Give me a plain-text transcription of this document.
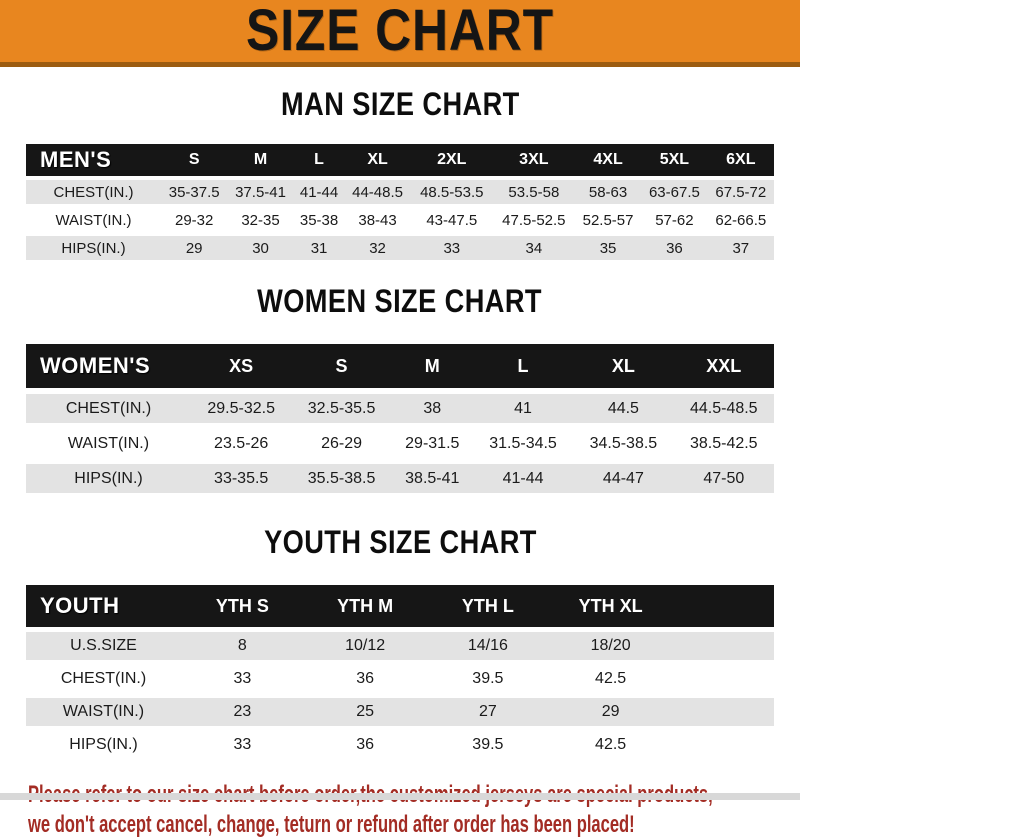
SIZE CHART
MAN SIZE CHART
MEN'S	S	M	L	XL	2XL	3XL	4XL	5XL	6XL
CHEST(IN.)	35-37.5	37.5-41	41-44	44-48.5	48.5-53.5	53.5-58	58-63	63-67.5	67.5-72
WAIST(IN.)	29-32	32-35	35-38	38-43	43-47.5	47.5-52.5	52.5-57	57-62	62-66.5
HIPS(IN.)	29	30	31	32	33	34	35	36	37
WOMEN SIZE CHART
WOMEN'S	XS	S	M	L	XL	XXL
CHEST(IN.)	29.5-32.5	32.5-35.5	38	41	44.5	44.5-48.5
WAIST(IN.)	23.5-26	26-29	29-31.5	31.5-34.5	34.5-38.5	38.5-42.5
HIPS(IN.)	33-35.5	35.5-38.5	38.5-41	41-44	44-47	47-50
YOUTH SIZE CHART
YOUTH	YTH S	YTH M	YTH L	YTH XL	
U.S.SIZE	8	10/12	14/16	18/20	
CHEST(IN.)	33	36	39.5	42.5	
WAIST(IN.)	23	25	27	29	
HIPS(IN.)	33	36	39.5	42.5	
we don't accept cancel, change, teturn or refund after order has been placed!
